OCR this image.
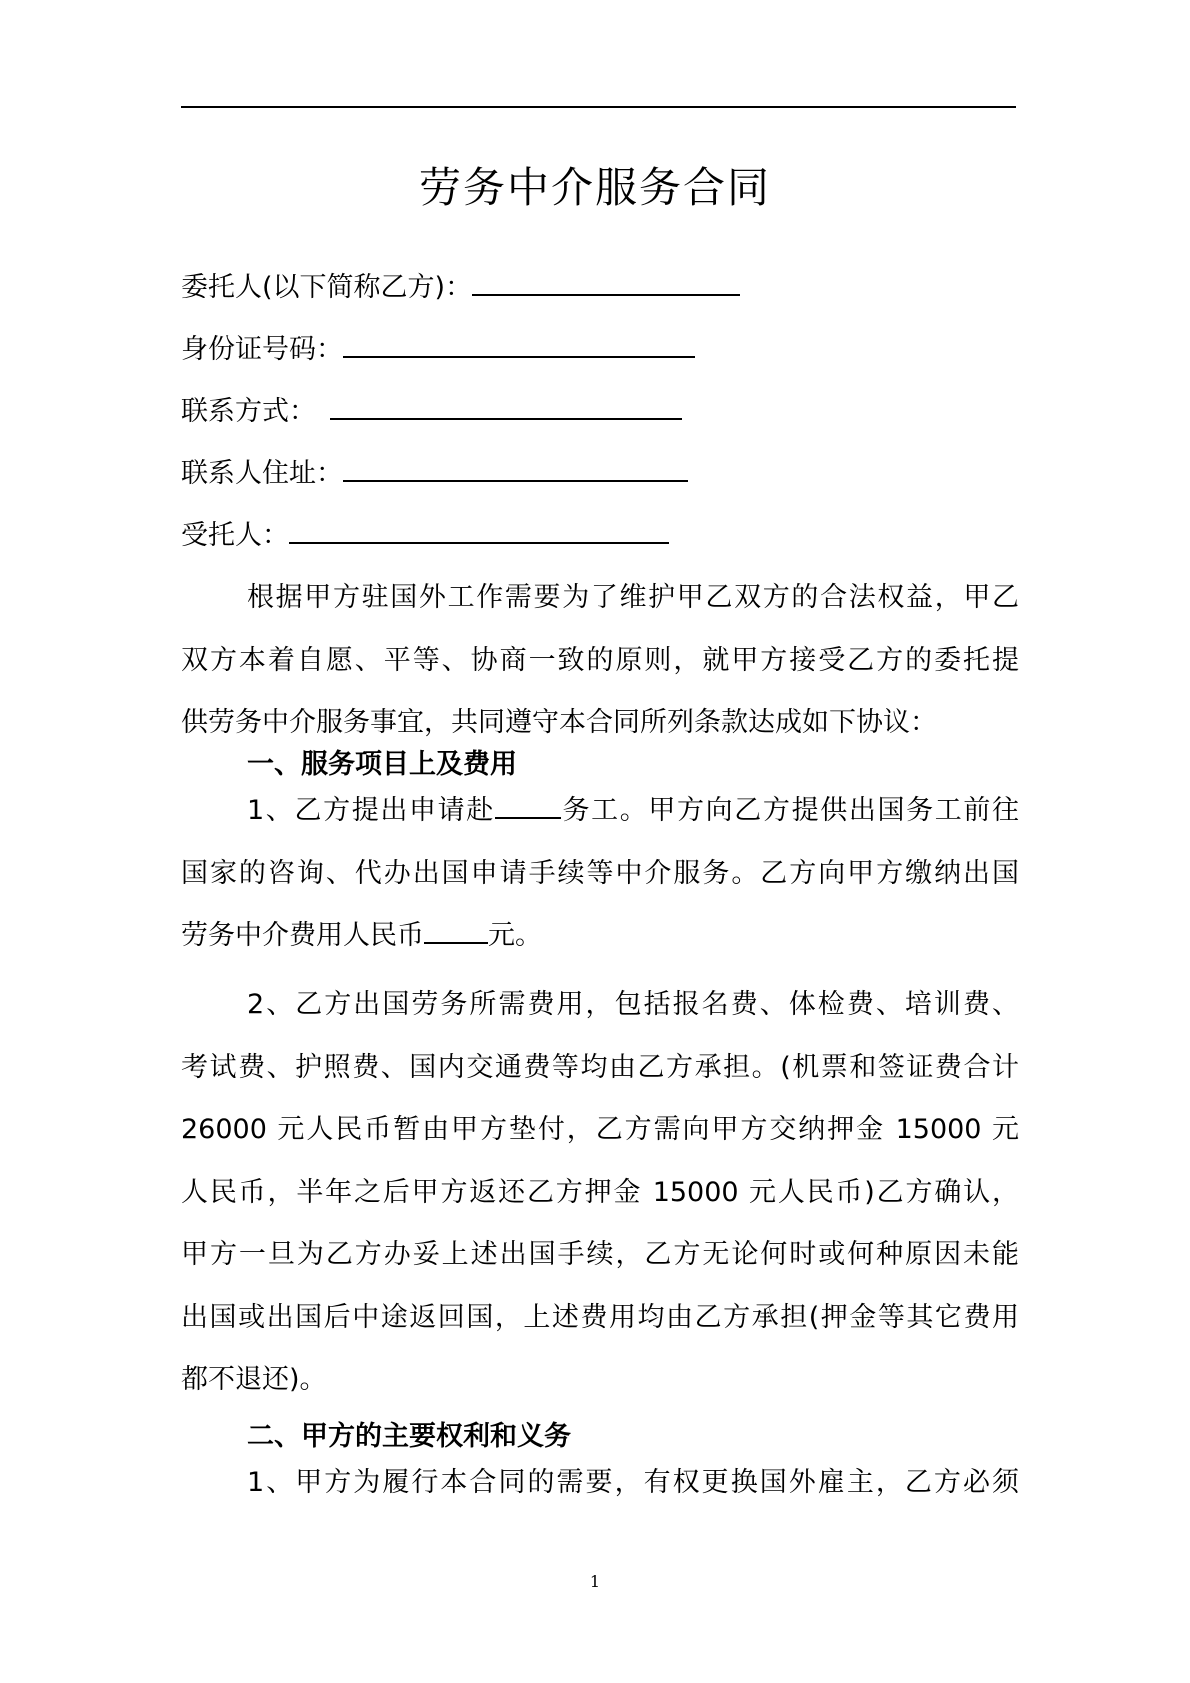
劳务中介服务合同
委托人(以下简称乙方)：
身份证号码：
联系方式：
联系人住址：
受托人：
根据甲方驻国外工作需要为了维护甲乙双方的合法权益，甲乙
双方本着自愿、平等、协商一致的原则，就甲方接受乙方的委托提
供劳务中介服务事宜，共同遵守本合同所列条款达成如下协议：
一、服务项目上及费用
1、乙方提出申请赴 务工。甲方向乙方提供出国务工前往
国家的咨询、代办出国申请手续等中介服务。乙方向甲方缴纳出国
劳务中介费用人民币 元。
2、乙方出国劳务所需费用，包括报名费、体检费、培训费、
考试费、护照费、国内交通费等均由乙方承担。(机票和签证费合计
26000 元人民币暂由甲方垫付，乙方需向甲方交纳押金 15000 元
人民币，半年之后甲方返还乙方押金 15000 元人民币)乙方确认，
甲方一旦为乙方办妥上述出国手续，乙方无论何时或何种原因未能
出国或出国后中途返回国，上述费用均由乙方承担(押金等其它费用
都不退还)。
二、甲方的主要权利和义务
1、甲方为履行本合同的需要，有权更换国外雇主，乙方必须
1
